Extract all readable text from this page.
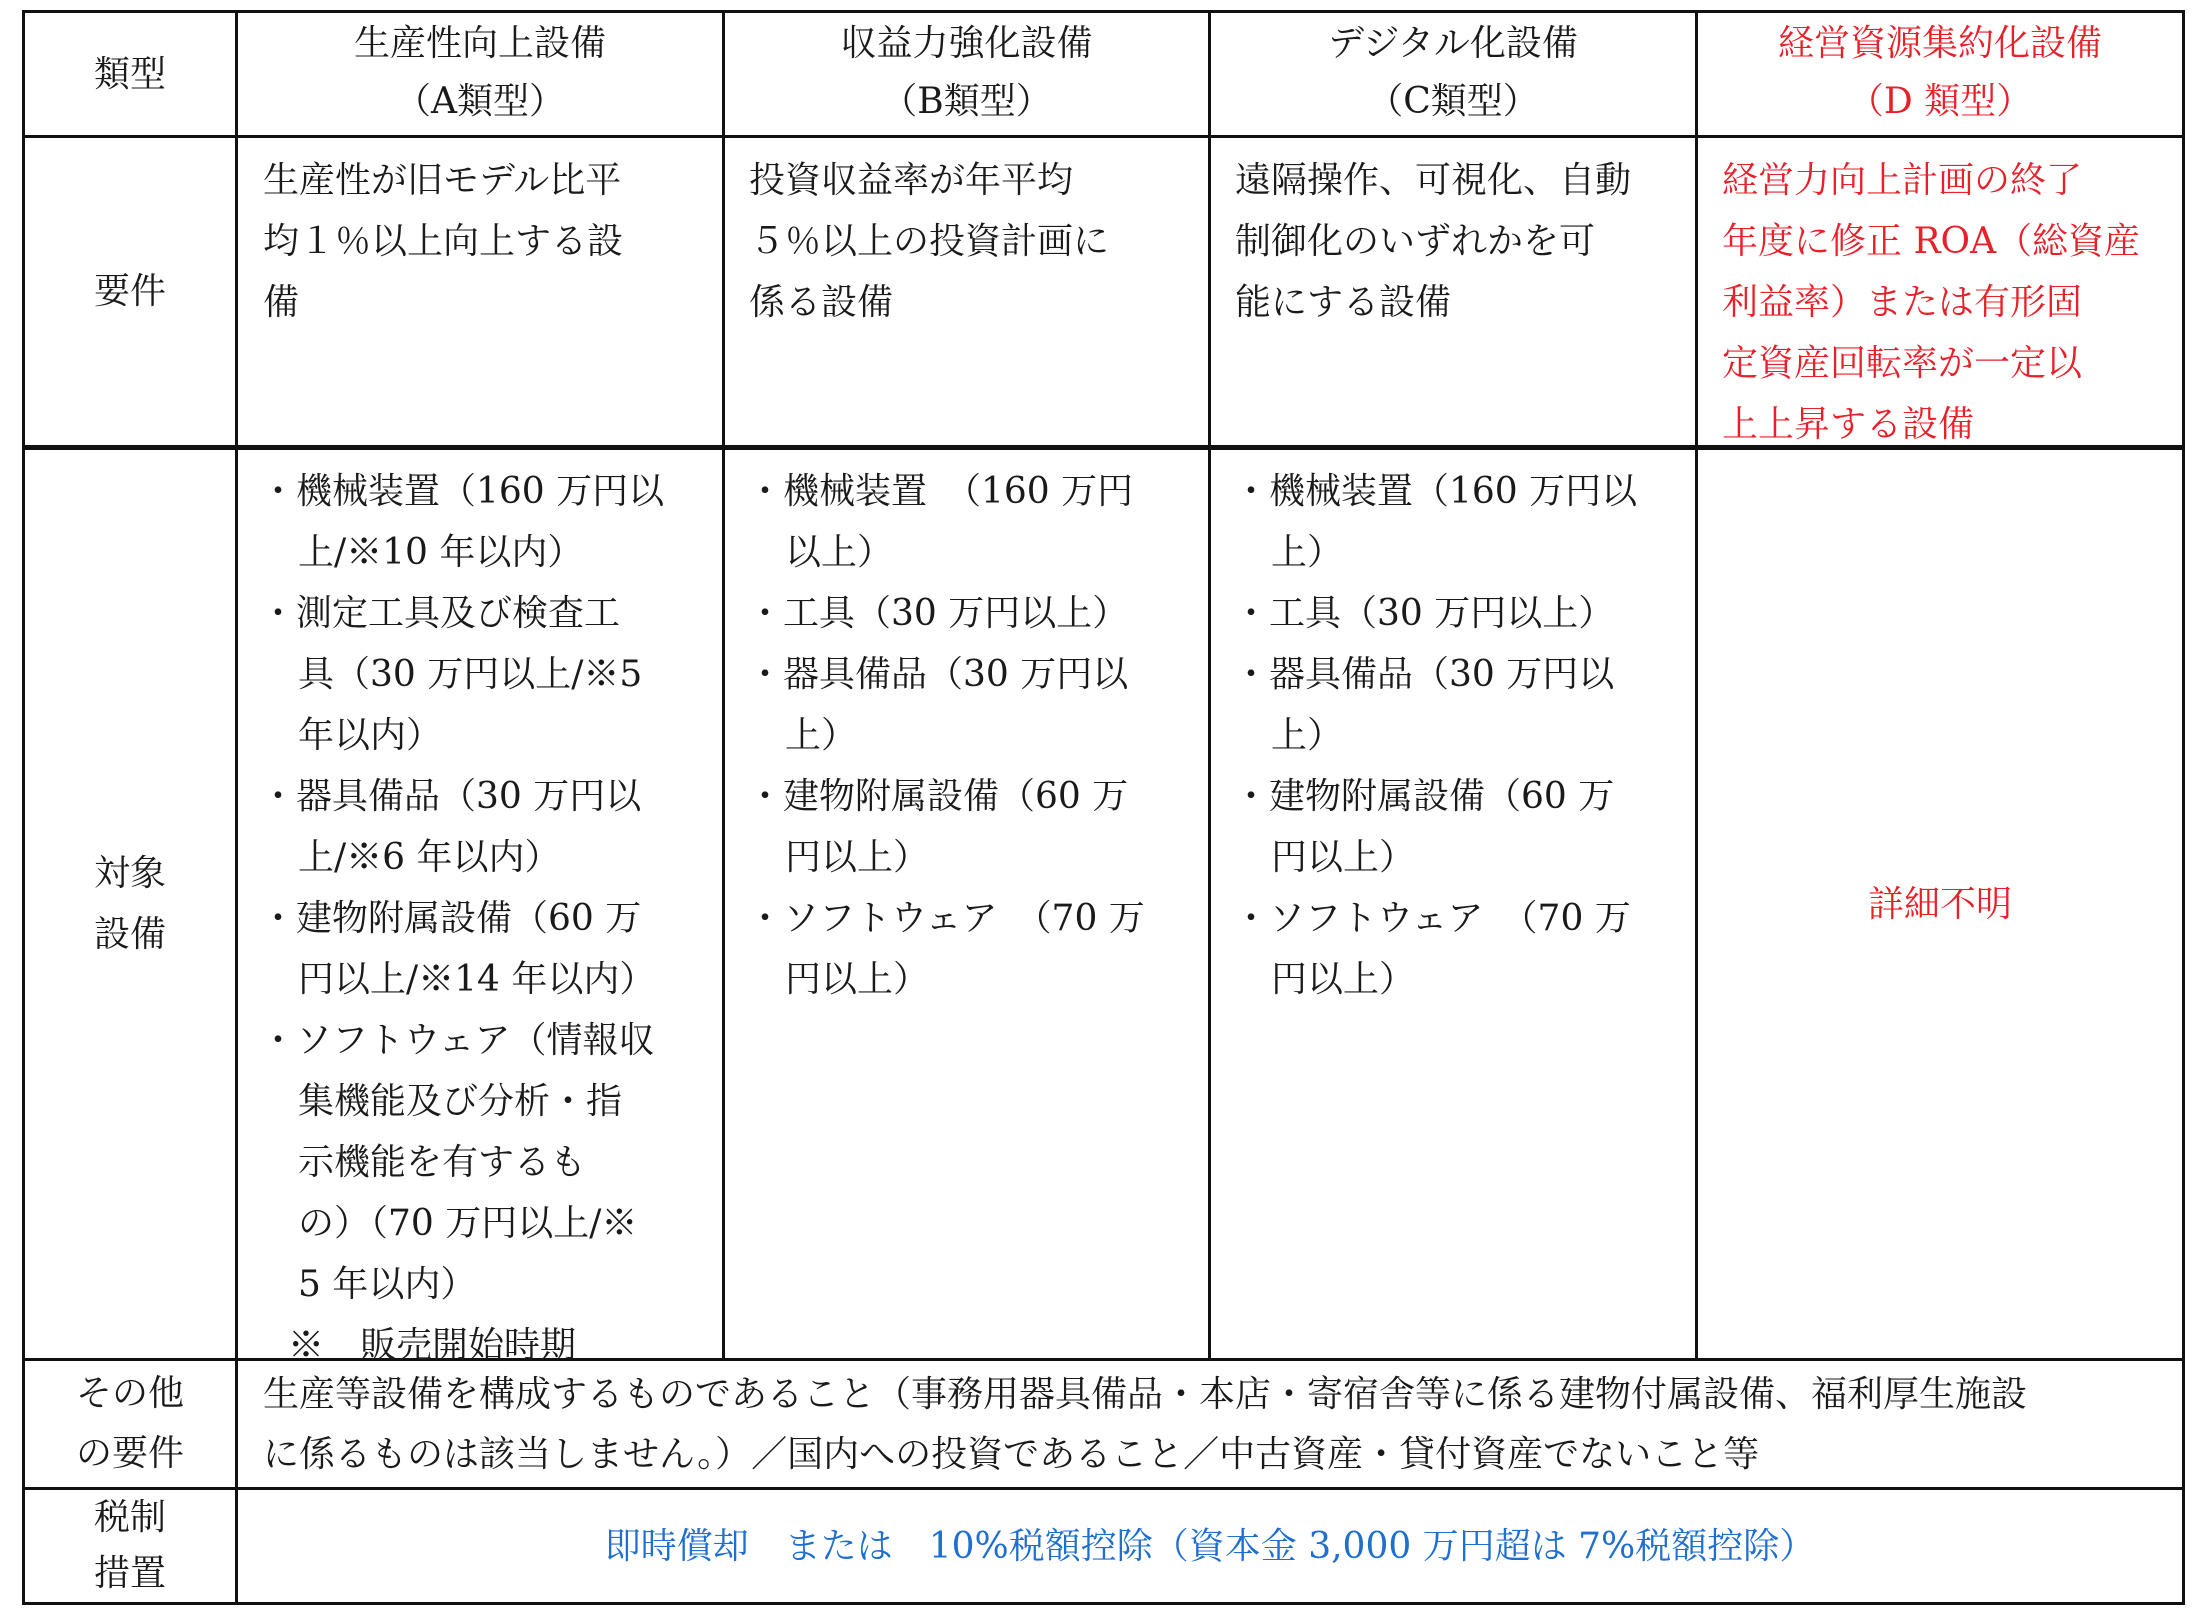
類型
生産性向上設備
（A類型）
収益力強化設備
（B類型）
デジタル化設備
（C類型）
経営資源集約化設備
（D 類型）
要件
生産性が旧モデル比平
均１％以上向上する設
備
投資収益率が年平均
５％以上の投資計画に
係る設備
遠隔操作、可視化、自動
制御化のいずれかを可
能にする設備
経営力向上計画の終了
年度に修正 ROA（総資産
利益率）または有形固
定資産回転率が一定以
上上昇する設備
対象
設備
・機械装置（160 万円以
上/※10 年以内）
・測定工具及び検査工
具（30 万円以上/※5
年以内）
・器具備品（30 万円以
上/※6 年以内）
・建物附属設備（60 万
円以上/※14 年以内）
・ソフトウェア（情報収
集機能及び分析・指
示機能を有するも
の）（70 万円以上/※
5 年以内）
※　販売開始時期
・機械装置　（160 万円
以上）
・工具（30 万円以上）
・器具備品（30 万円以
上）
・建物附属設備（60 万
円以上）
・ソフトウェア　（70 万
円以上）
・機械装置（160 万円以
上）
・工具（30 万円以上）
・器具備品（30 万円以
上）
・建物附属設備（60 万
円以上）
・ソフトウェア　（70 万
円以上）
詳細不明
その他
の要件
生産等設備を構成するものであること（事務用器具備品・本店・寄宿舎等に係る建物付属設備、福利厚生施設
に係るものは該当しません。）／国内への投資であること／中古資産・貸付資産でないこと等
税制
措置
即時償却　または　10%税額控除（資本金 3,000 万円超は 7%税額控除）
